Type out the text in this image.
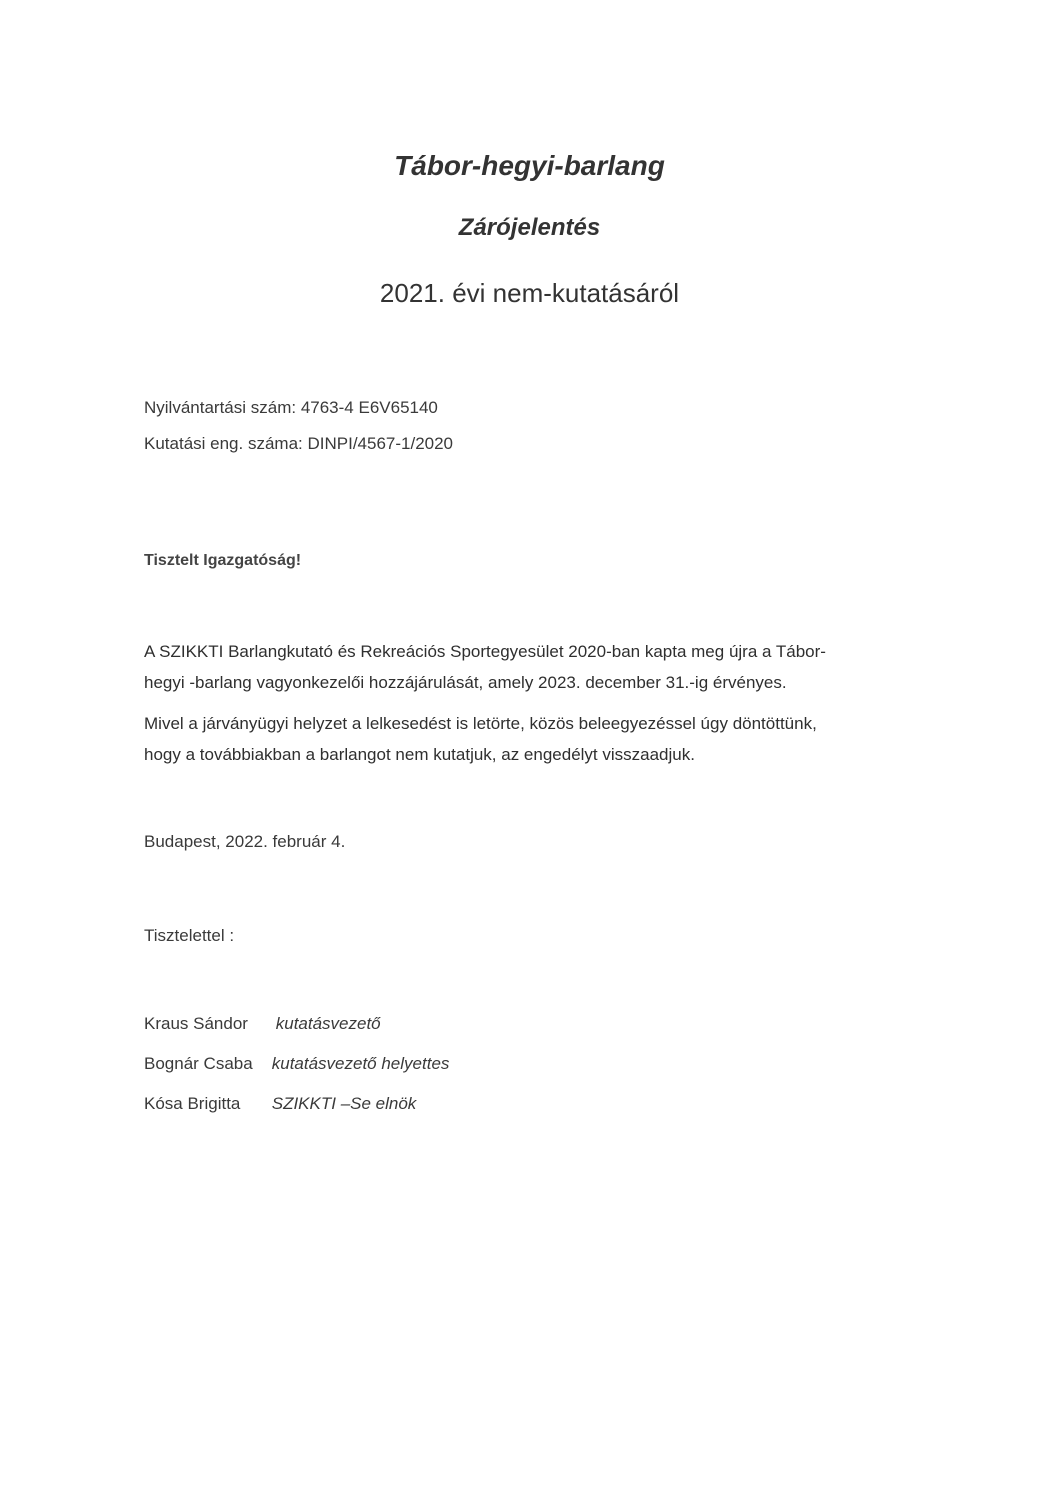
Tábor-hegyi-barlang
Zárójelentés
2021. évi nem-kutatásáról
Nyilvántartási szám: 4763-4 E6V65140
Kutatási eng. száma: DINPI/4567-1/2020
Tisztelt Igazgatóság!
A SZIKKTI Barlangkutató és Rekreációs Sportegyesület 2020-ban kapta meg újra a Tábor-
hegyi -barlang vagyonkezelői hozzájárulását, amely 2023. december 31.-ig érvényes.
Mivel a járványügyi helyzet a lelkesedést is letörte, közös beleegyezéssel úgy döntöttünk,
hogy a továbbiakban a barlangot nem kutatjuk, az engedélyt visszaadjuk.
Budapest, 2022. február 4.
Tisztelettel :
Kraus Sándor kutatásvezető
Bognár Csaba kutatásvezető helyettes
Kósa Brigitta SZIKKTI –Se elnök
